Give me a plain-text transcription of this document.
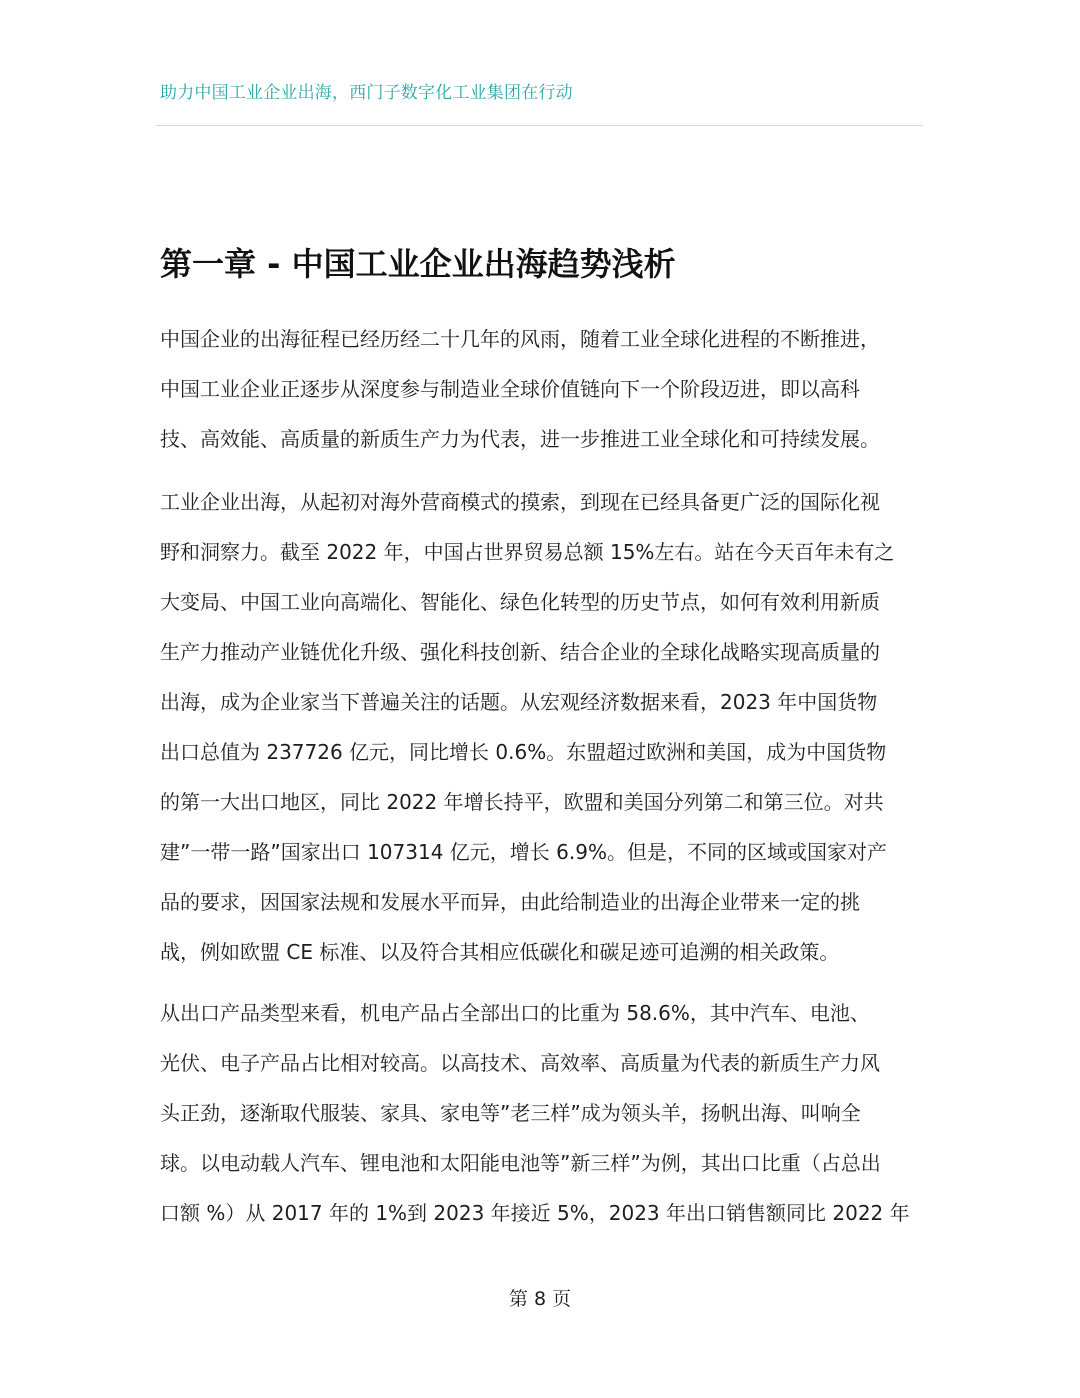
助力中国工业企业出海，西门子数字化工业集团在行动
第一章 - 中国工业企业出海趋势浅析
中国企业的出海征程已经历经二十几年的风雨，随着工业全球化进程的不断推进，
中国工业企业正逐步从深度参与制造业全球价值链向下一个阶段迈进，即以高科
技、高效能、高质量的新质生产力为代表，进一步推进工业全球化和可持续发展。
工业企业出海，从起初对海外营商模式的摸索，到现在已经具备更广泛的国际化视
野和洞察力。截至 2022 年，中国占世界贸易总额 15%左右。站在今天百年未有之
大变局、中国工业向高端化、智能化、绿色化转型的历史节点，如何有效利用新质
生产力推动产业链优化升级、强化科技创新、结合企业的全球化战略实现高质量的
出海，成为企业家当下普遍关注的话题。从宏观经济数据来看，2023 年中国货物
出口总值为 237726 亿元，同比增长 0.6%。东盟超过欧洲和美国，成为中国货物
的第一大出口地区，同比 2022 年增长持平，欧盟和美国分列第二和第三位。对共
建”一带一路”国家出口 107314 亿元，增长 6.9%。但是，不同的区域或国家对产
品的要求，因国家法规和发展水平而异，由此给制造业的出海企业带来一定的挑
战，例如欧盟 CE 标准、以及符合其相应低碳化和碳足迹可追溯的相关政策。
从出口产品类型来看，机电产品占全部出口的比重为 58.6%，其中汽车、电池、
光伏、电子产品占比相对较高。以高技术、高效率、高质量为代表的新质生产力风
头正劲，逐渐取代服装、家具、家电等”老三样”成为领头羊，扬帆出海、叫响全
球。以电动载人汽车、锂电池和太阳能电池等”新三样”为例，其出口比重（占总出
口额 %）从 2017 年的 1%到 2023 年接近 5%，2023 年出口销售额同比 2022 年
第 8 页
